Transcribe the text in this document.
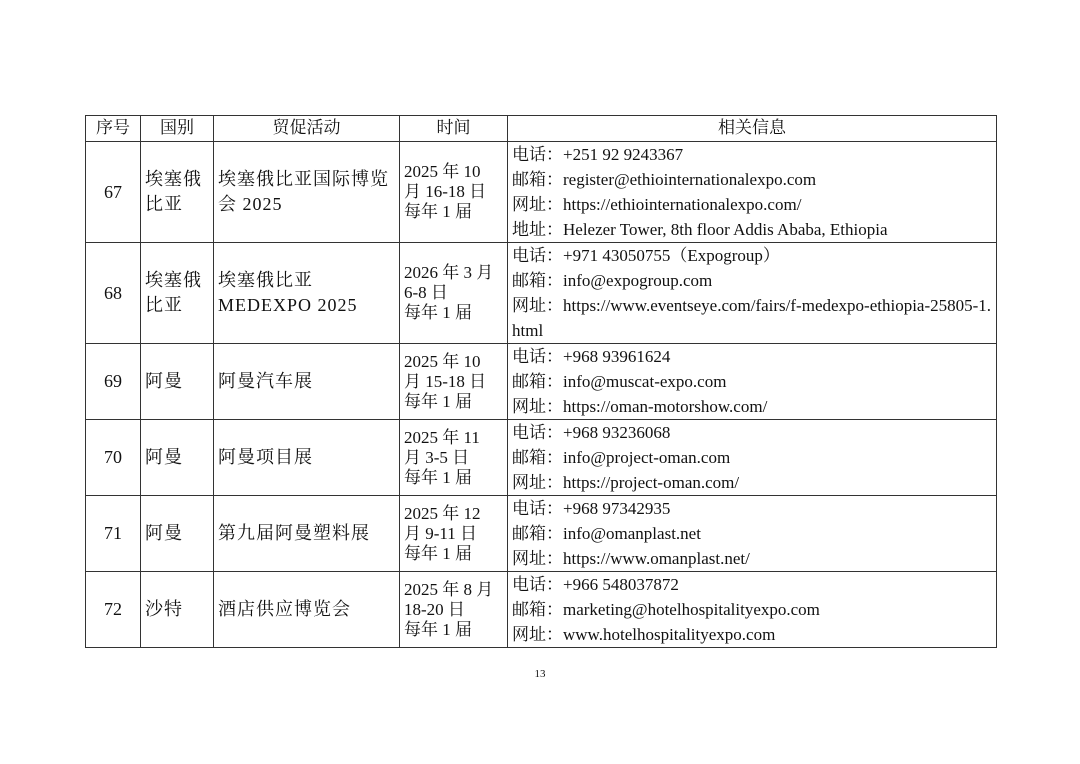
序号	国别	贸促活动	时间	相关信息
67	埃塞俄比亚	埃塞俄比亚国际博览会 2025	2025 年 10
月 16-18 日
每年 1 届	电话：+251 92 9243367
邮箱：register@ethiointernationalexpo.com
网址：https://ethiointernationalexpo.com/
地址：Helezer Tower, 8th floor Addis Ababa, Ethiopia

68	埃塞俄比亚	埃塞俄比亚 MEDEXPO 2025	2026 年 3 月
6-8 日
每年 1 届	电话：+971 43050755（Expogroup）
邮箱：info@expogroup.com
网址：https://www.eventseye.com/fairs/f-medexpo-ethiopia-25805-1.html

69	阿曼	阿曼汽车展	2025 年 10
月 15-18 日
每年 1 届	电话：+968 93961624
邮箱：info@muscat-expo.com
网址：https://oman-motorshow.com/

70	阿曼	阿曼项目展	2025 年 11
月 3-5 日
每年 1 届	电话：+968 93236068
邮箱：info@project-oman.com
网址：https://project-oman.com/

71	阿曼	第九届阿曼塑料展	2025 年 12
月 9-11 日
每年 1 届	电话：+968 97342935
邮箱：info@omanplast.net
网址：https://www.omanplast.net/

72	沙特	酒店供应博览会	2025 年 8 月
18-20 日
每年 1 届	电话：+966 548037872
邮箱：marketing@hotelhospitalityexpo.com
网址：www.hotelhospitalityexpo.com
13
